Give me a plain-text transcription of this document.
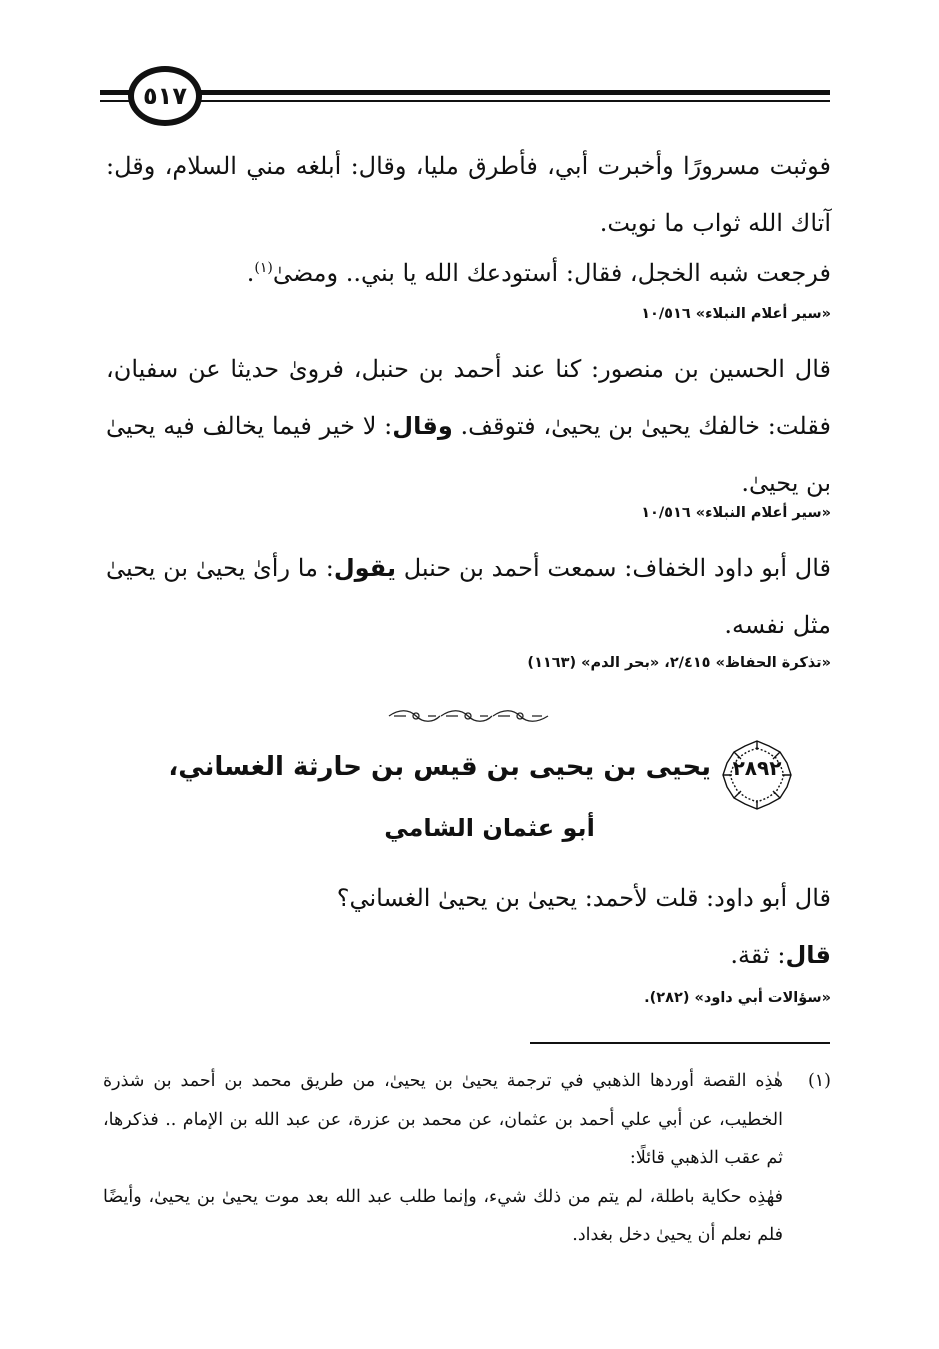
٥١٧

فوثبت مسرورًا وأخبرت أبي، فأطرق مليا، وقال: أبلغه مني السلام، وقل: آتاك الله ثواب ما نويت.

فرجعت شبه الخجل، فقال: أستودعك الله يا بني.. ومضىٰ$^{(١)}$.

«سير أعلام النبلاء» ١٠/٥١٦

قال الحسين بن منصور: كنا عند أحمد بن حنبل، فروىٰ حديثا عن سفيان، فقلت: خالفك يحيىٰ بن يحيىٰ، فتوقف. وقال: لا خير فيما يخالف فيه يحيىٰ بن يحيىٰ.

«سير أعلام النبلاء» ١٠/٥١٦

قال أبو داود الخفاف: سمعت أحمد بن حنبل يقول: ما رأىٰ يحيىٰ بن يحيىٰ مثل نفسه.

«تذكرة الحفاظ» ٢/٤١٥، «بحر الدم» (١١٦٣)
٢٨٩٢
يحيى بن يحيى بن قيس بن حارثة الغساني،
أبو عثمان الشامي

قال أبو داود: قلت لأحمد: يحيىٰ بن يحيىٰ الغساني؟

قال: ثقة.

«سؤالات أبي داود» (٢٨٢).
(١)

هٰذِه القصة أوردها الذهبي في ترجمة يحيىٰ بن يحيىٰ، من طريق محمد بن أحمد بن شذرة الخطيب، عن أبي علي أحمد بن عثمان، عن محمد بن عزرة، عن عبد الله بن الإمام .. فذكرها، ثم عقب الذهبي قائلًا:

فهٰذِه حكاية باطلة، لم يتم من ذلك شيء، وإنما طلب عبد الله بعد موت يحيىٰ بن يحيىٰ، وأيضًا فلم نعلم أن يحيىٰ دخل بغداد.
